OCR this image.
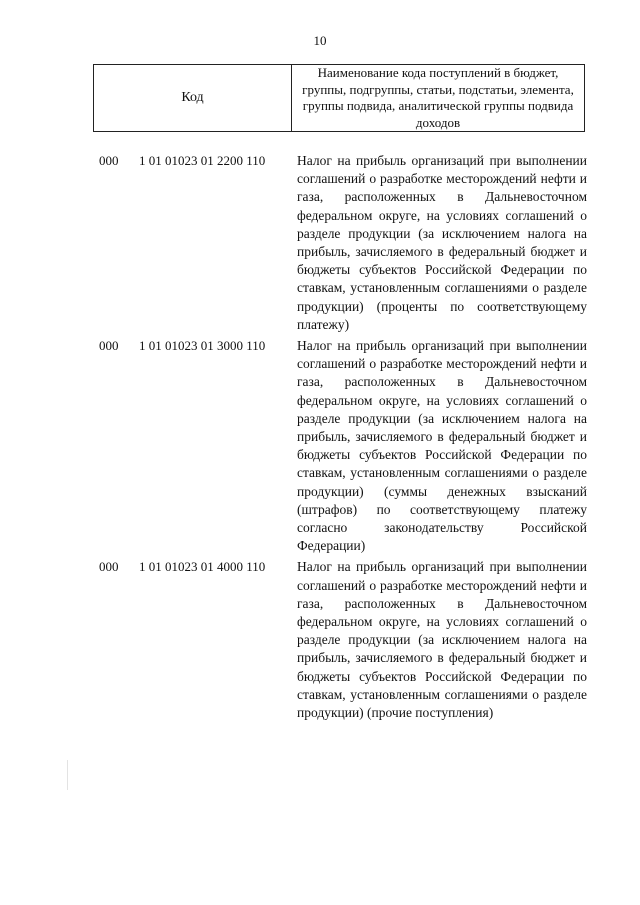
10
Код
Наименование кода поступлений в бюджет, группы, подгруппы, статьи, подстатьи, элемента, группы подвида, аналитической группы подвида доходов
000 1 01 01023 01 2200 110 Налог на прибыль организаций при выполнении соглашений о разработке месторождений нефти и газа, расположенных в Дальневосточном федеральном округе, на условиях соглашений о разделе продукции (за исключением налога на прибыль, зачисляемого в федеральный бюджет и бюджеты субъектов Российской Федерации по ставкам, установленным соглашениями о разделе продукции) (проценты по соответствующему платежу)
000 1 01 01023 01 3000 110 Налог на прибыль организаций при выполнении соглашений о разработке месторождений нефти и газа, расположенных в Дальневосточном федеральном округе, на условиях соглашений о разделе продукции (за исключением налога на прибыль, зачисляемого в федеральный бюджет и бюджеты субъектов Российской Федерации по ставкам, установленным соглашениями о разделе продукции) (суммы денежных взысканий (штрафов) по соответствующему платежу согласно законодательству Российской Федерации)
000 1 01 01023 01 4000 110 Налог на прибыль организаций при выполнении соглашений о разработке месторождений нефти и газа, расположенных в Дальневосточном федеральном округе, на условиях соглашений о разделе продукции (за исключением налога на прибыль, зачисляемого в федеральный бюджет и бюджеты субъектов Российской Федерации по ставкам, установленным соглашениями о разделе продукции) (прочие поступления)
